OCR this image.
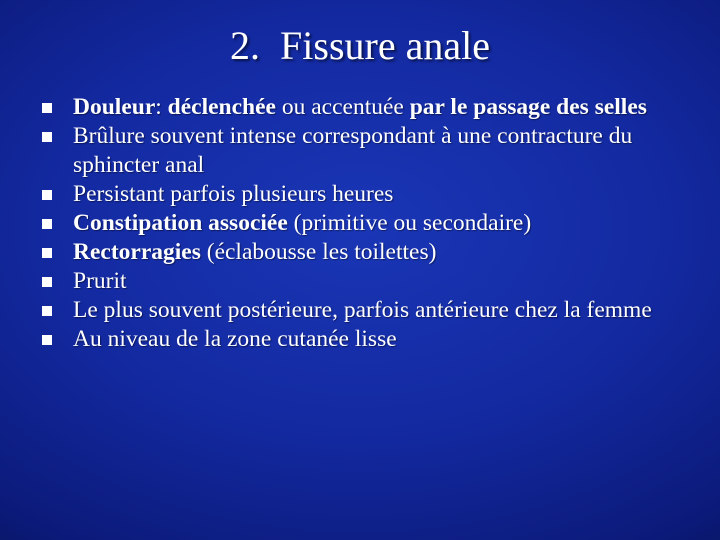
2.  Fissure anale
Douleur: déclenchée ou accentuée par le passage des selles
Brûlure souvent intense correspondant à une contracture du sphincter anal
Persistant parfois plusieurs heures
Constipation associée (primitive ou secondaire)
Rectorragies (éclabousse les toilettes)
Prurit
Le plus souvent postérieure, parfois antérieure chez la femme
Au niveau de la zone cutanée lisse
